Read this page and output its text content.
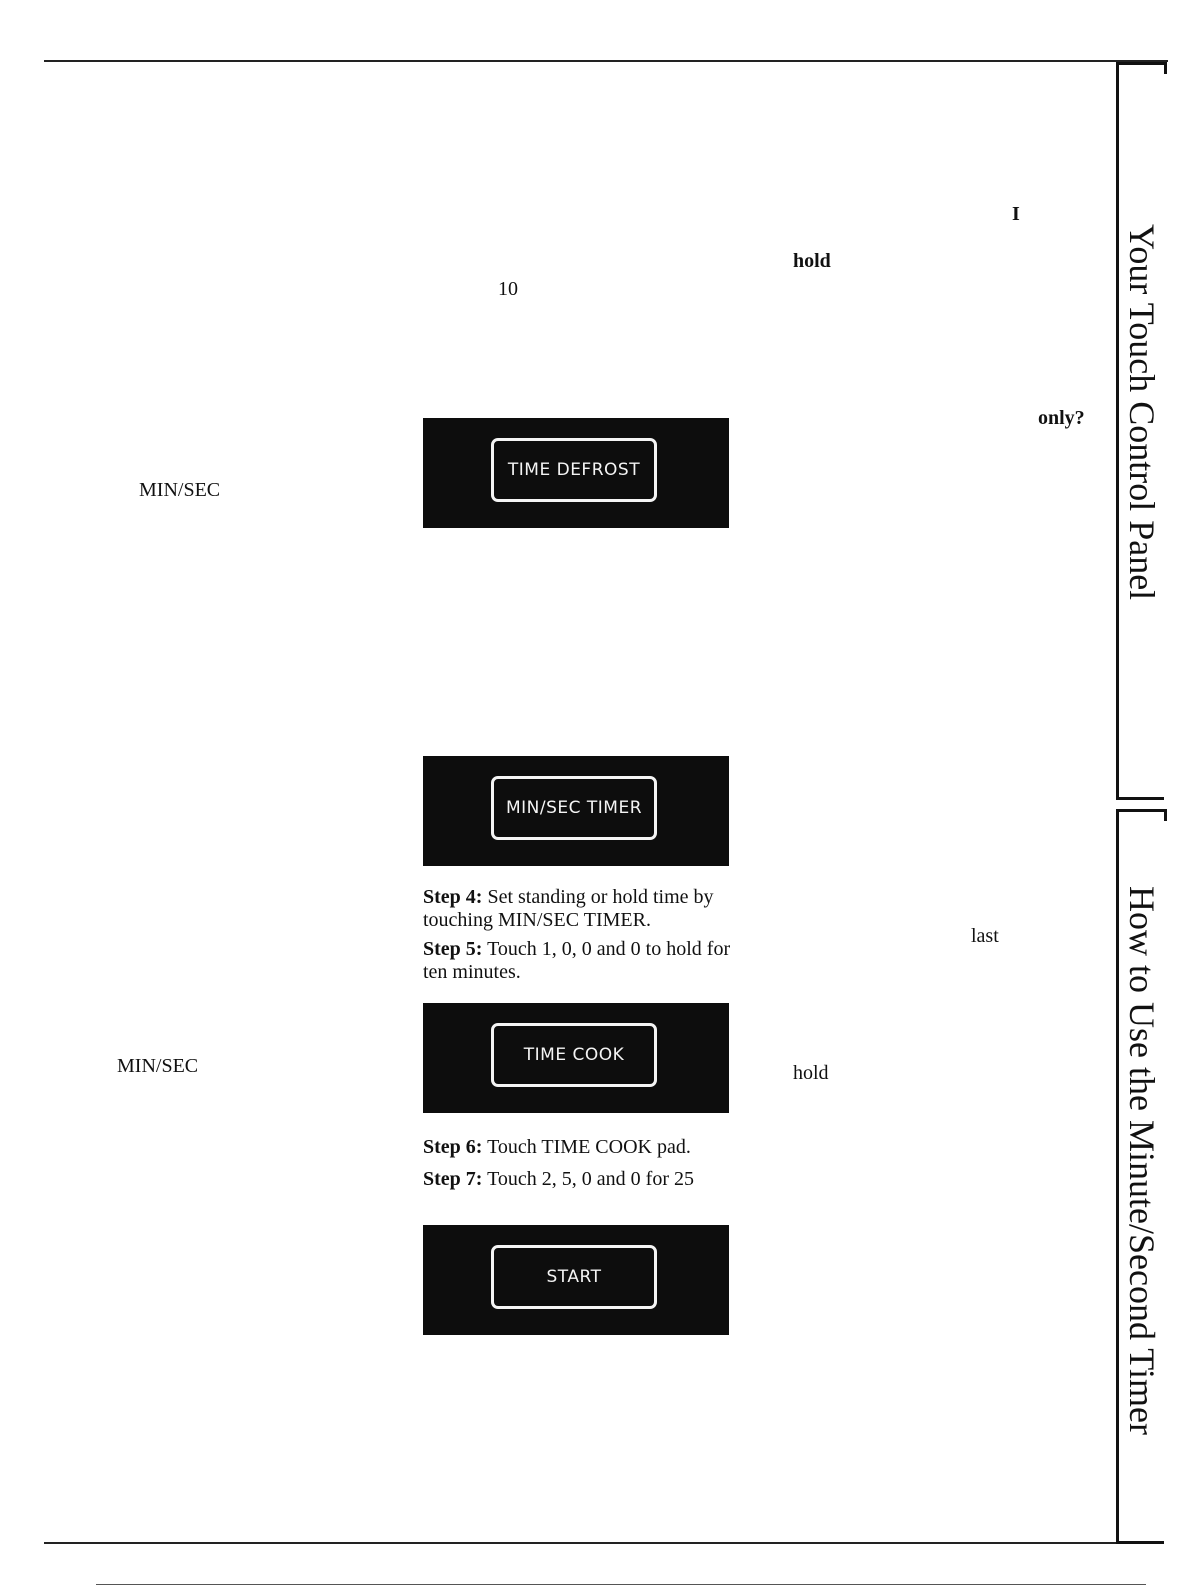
I
hold
10
only?
MIN/SEC
last
MIN/SEC	hold
TIME DEFROST
MIN/SEC TIMER

Step 4: Set standing or hold time by touching MIN/SEC TIMER.

Step 5: Touch 1, 0, 0 and 0 to hold for ten minutes.

TIME COOK

Step 6: Touch TIME COOK pad.

Step 7: Touch 2, 5, 0 and 0 for 25

START
Your Touch Control Panel
How to Use the Minute/Second Timer
